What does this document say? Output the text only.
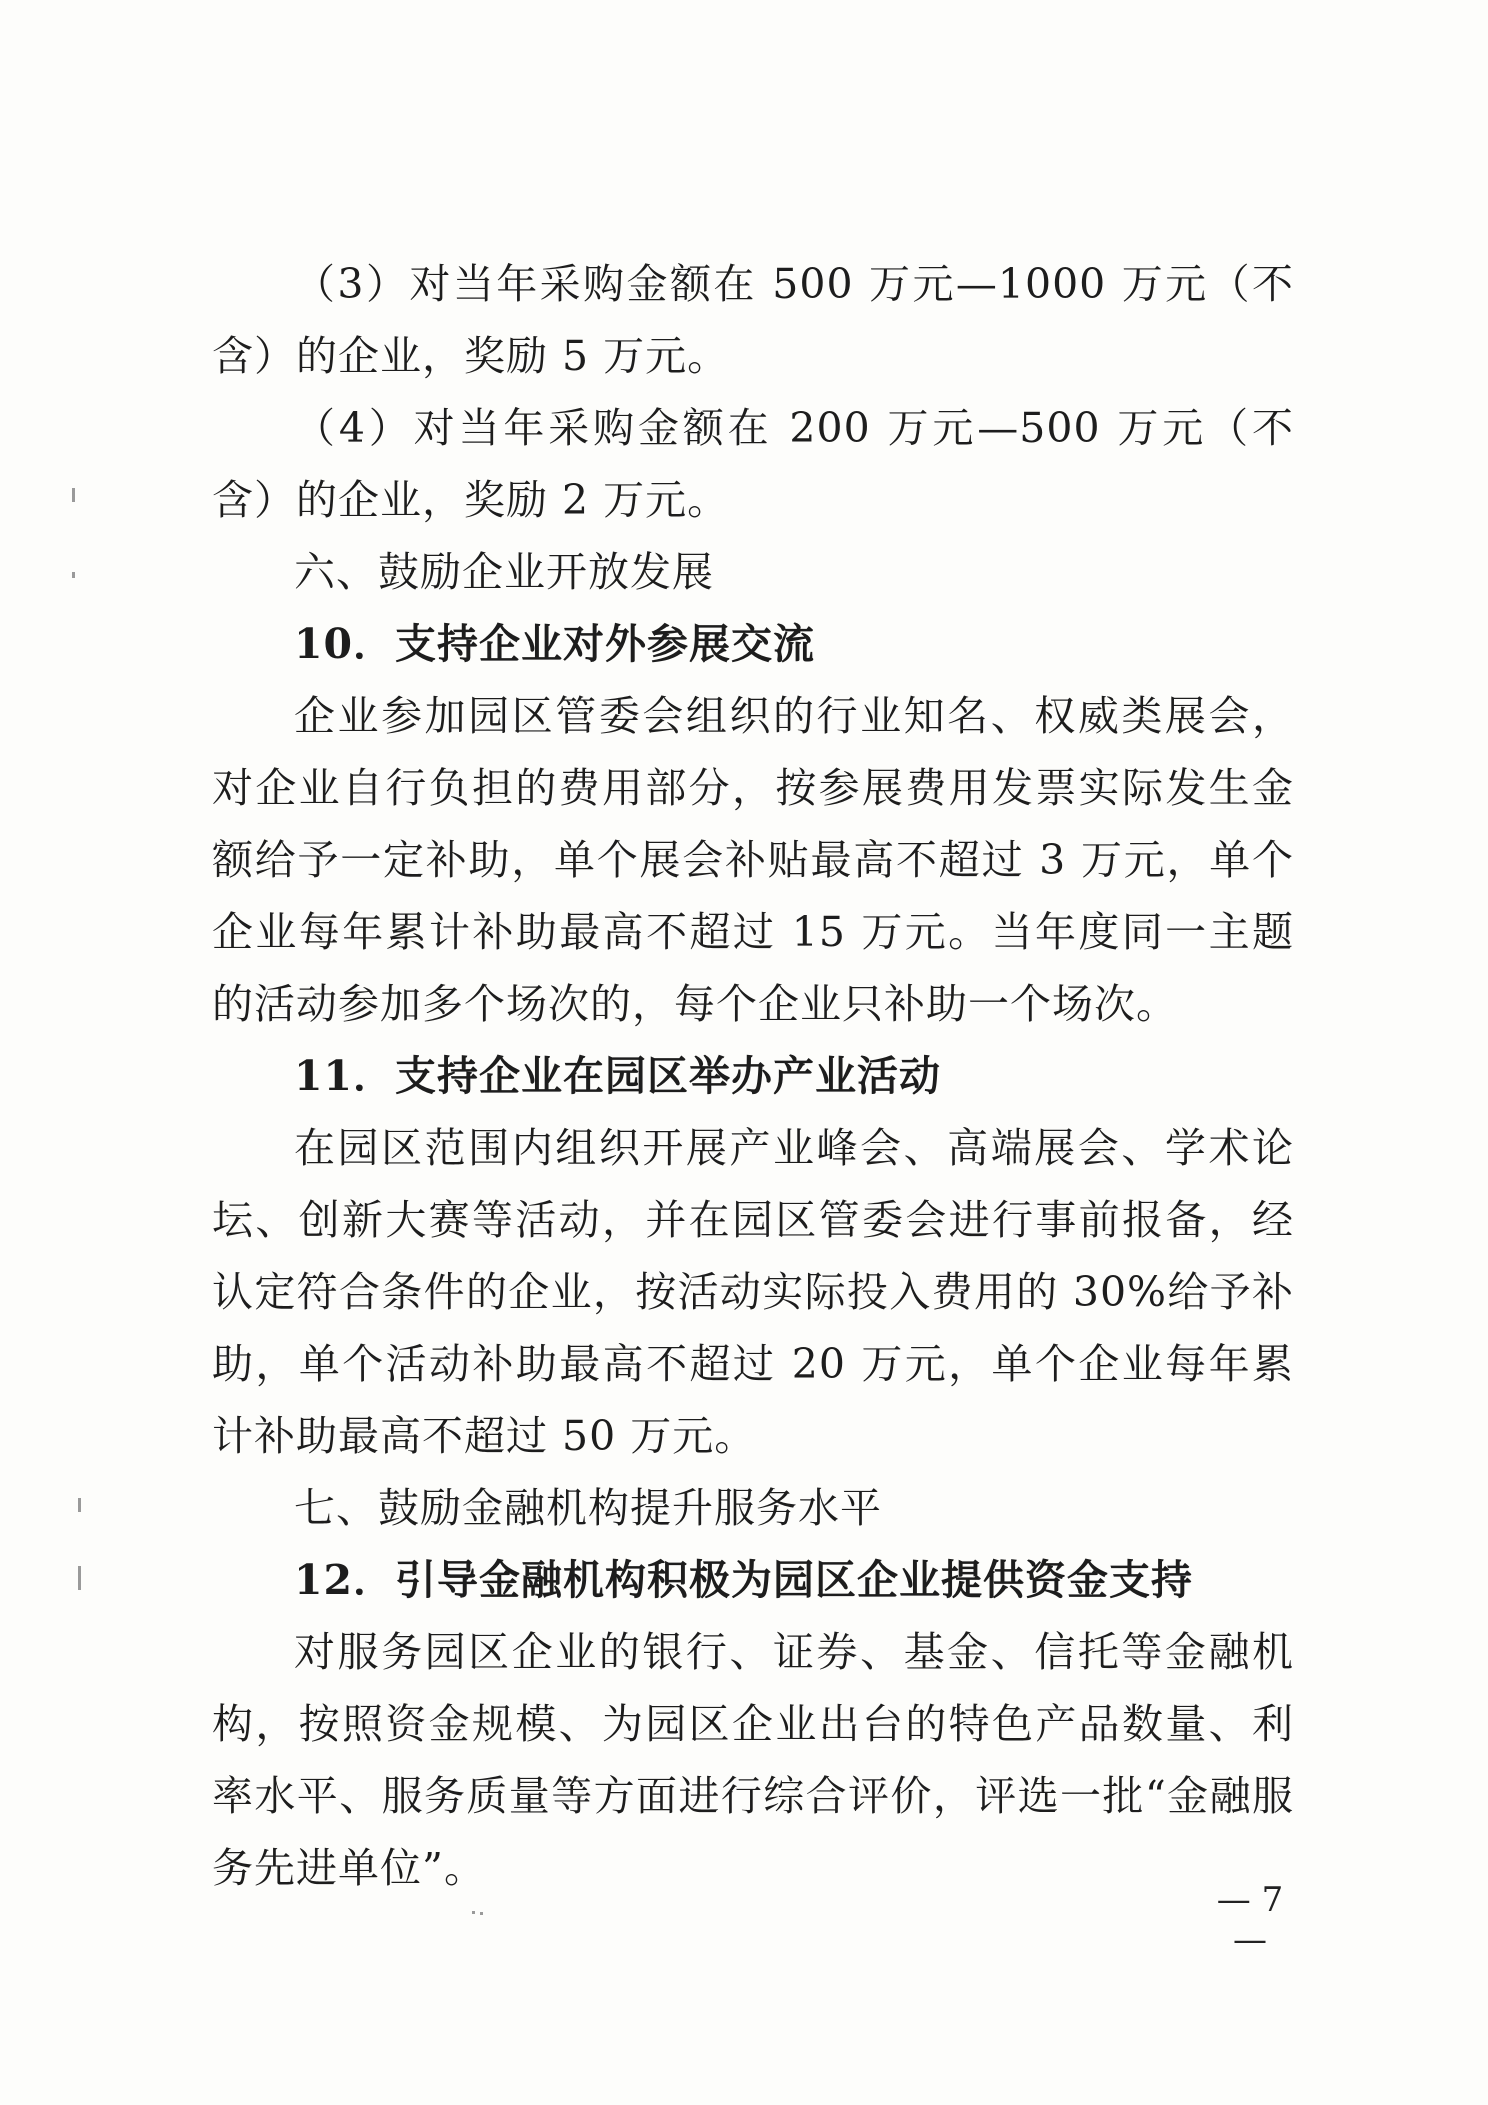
（3）对当年采购金额在 500 万元—1000 万元（不含）的企业，奖励 5 万元。

（4）对当年采购金额在 200 万元—500 万元（不含）的企业，奖励 2 万元。

六、鼓励企业开放发展

10．支持企业对外参展交流

企业参加园区管委会组织的行业知名、权威类展会，对企业自行负担的费用部分，按参展费用发票实际发生金额给予一定补助，单个展会补贴最高不超过 3 万元，单个企业每年累计补助最高不超过 15 万元。当年度同一主题的活动参加多个场次的，每个企业只补助一个场次。

11．支持企业在园区举办产业活动

在园区范围内组织开展产业峰会、高端展会、学术论坛、创新大赛等活动，并在园区管委会进行事前报备，经认定符合条件的企业，按活动实际投入费用的 30%给予补助，单个活动补助最高不超过 20 万元，单个企业每年累计补助最高不超过 50 万元。

七、鼓励金融机构提升服务水平

12．引导金融机构积极为园区企业提供资金支持

对服务园区企业的银行、证券、基金、信托等金融机构，按照资金规模、为园区企业出台的特色产品数量、利率水平、服务质量等方面进行综合评价，评选一批“金融服务先进单位”。

— 7 —
